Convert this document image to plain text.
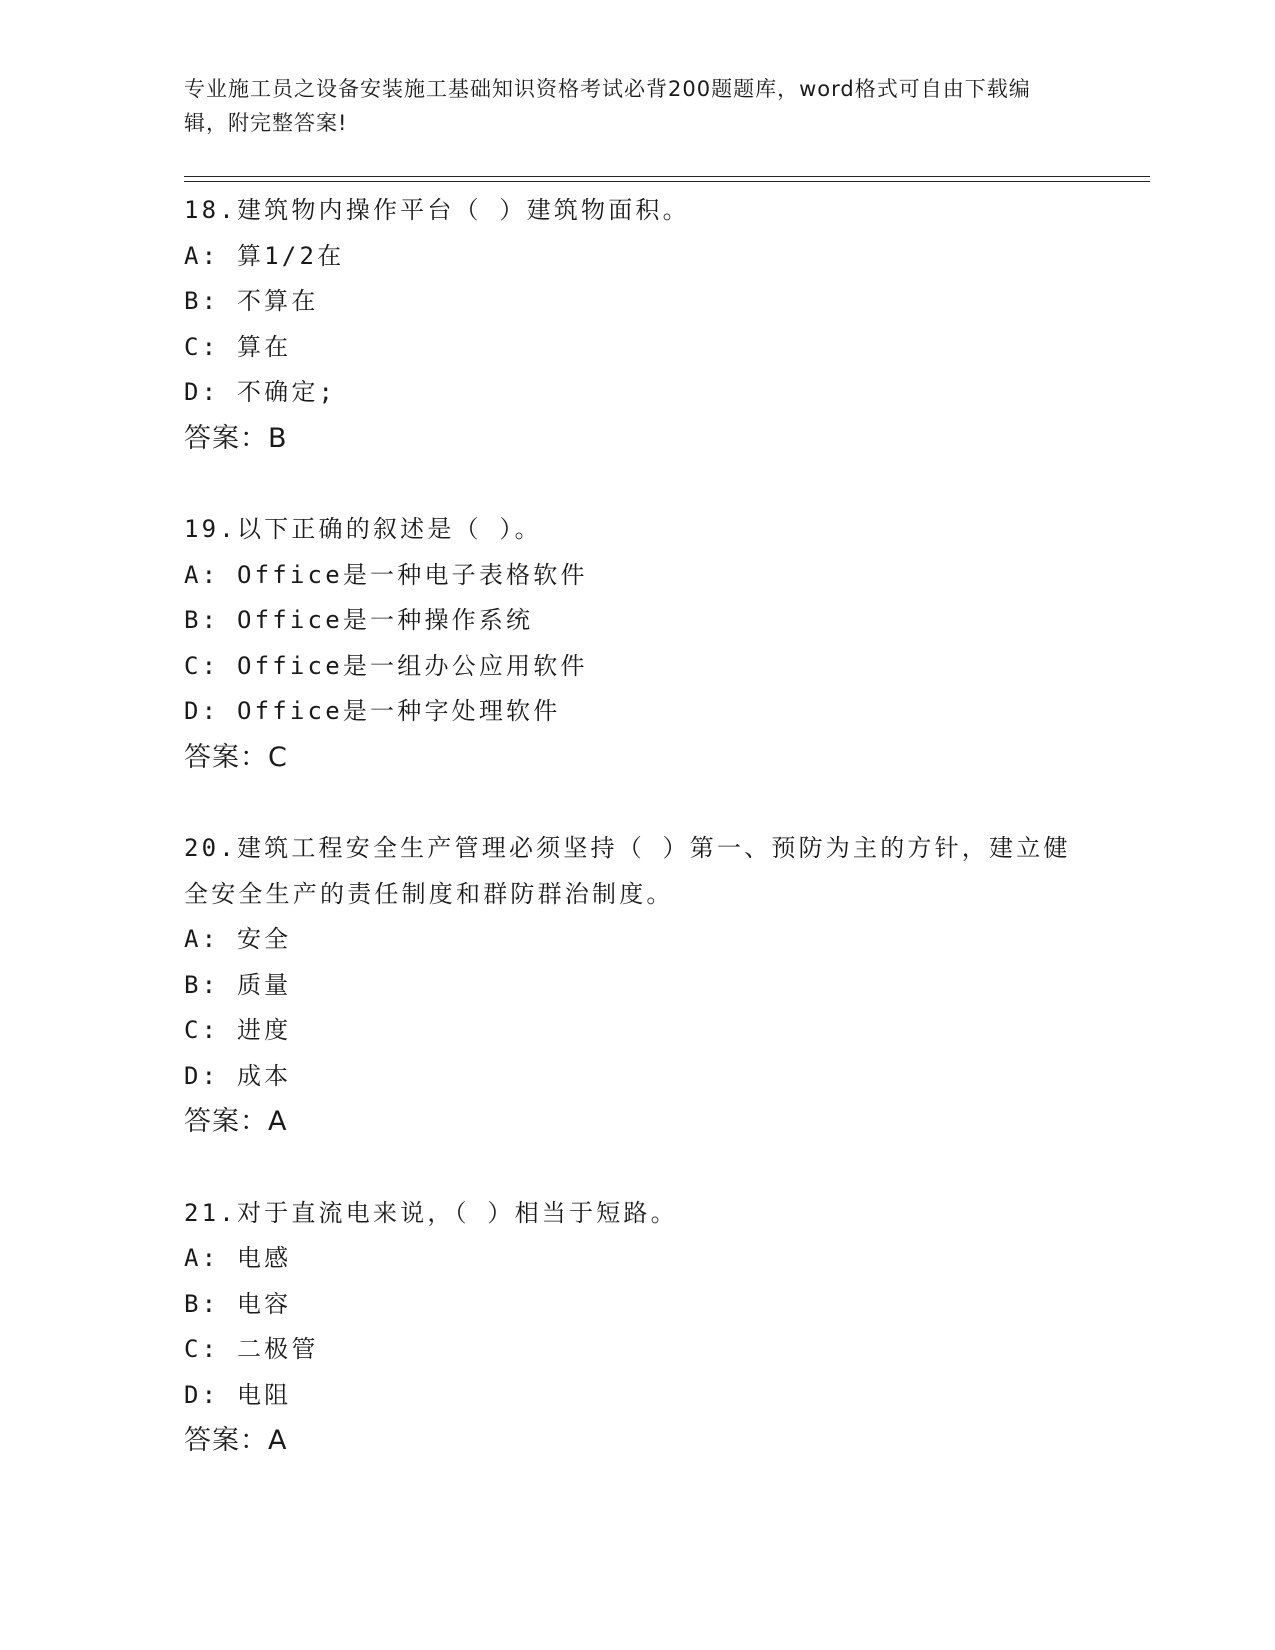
专业施工员之设备安装施工基础知识资格考试必背200题题库，word格式可自由下载编辑，附完整答案!

18.建筑物内操作平台（ ）建筑物面积。

A: 算1/2在

B: 不算在

C: 算在

D: 不确定;

答案：B

19.以下正确的叙述是（ ）。

A: Office是一种电子表格软件

B: Office是一种操作系统

C: Office是一组办公应用软件

D: Office是一种字处理软件

答案：C

20.建筑工程安全生产管理必须坚持（ ）第一、预防为主的方针，建立健全安全生产的责任制度和群防群治制度。

A: 安全

B: 质量

C: 进度

D: 成本

答案：A

21.对于直流电来说，（ ）相当于短路。

A: 电感

B: 电容

C: 二极管

D: 电阻

答案：A
